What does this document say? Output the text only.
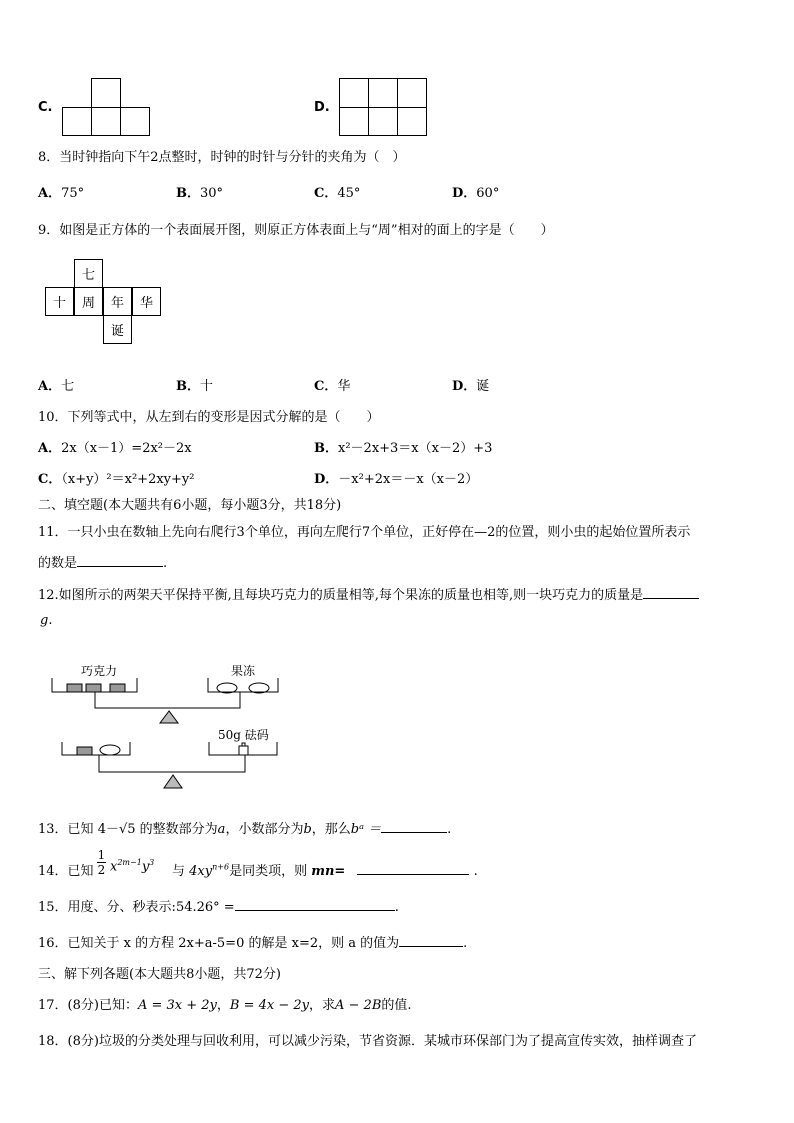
C.	D.
8．当时钟指向下午2点整时，时钟的时针与分针的夹角为（　）
A．75°	B．30°	C．45°	D．60°
9．如图是正方体的一个表面展开图，则原正方体表面上与“周”相对的面上的字是（　　）
七
十	周	年	华
诞
A．七	B．十	C．华	D．诞
10．下列等式中，从左到右的变形是因式分解的是（　　）
A．2x（x－1）=2x²－2x	B．x²－2x+3＝x（x－2）+3
C．（x+y）²＝x²+2xy+y²	D．－x²+2x＝－x（x－2）
二、填空题(本大题共有6小题，每小题3分，共18分)
11．一只小虫在数轴上先向右爬行3个单位，再向左爬行7个单位，正好停在—2的位置，则小虫的起始位置所表示
的数是	.
12.如图所示的两架天平保持平衡,且每块巧克力的质量相等,每个果冻的质量也相等,则一块巧克力的质量是
g.
巧克力	果冻
50g 砝码
13．已知 4－√5 的整数部分为a，小数部分为b，那么bᵃ ＝	.
14．已知
1
2 $x^{2m-1}y^3$
与 $4xy^{n+6}$是同类项，则 mn=	.
15．用度、分、秒表示:54.26° =	.
16．已知关于 x 的方程 2x+a-5=0 的解是 x=2，则 a 的值为	.
三、解下列各题(本大题共8小题，共72分)
17．(8分)已知：A = 3x + 2y，B = 4x − 2y，求A − 2B的值.
18．(8分)垃圾的分类处理与回收利用，可以减少污染，节省资源．某城市环保部门为了提高宣传实效，抽样调查了
